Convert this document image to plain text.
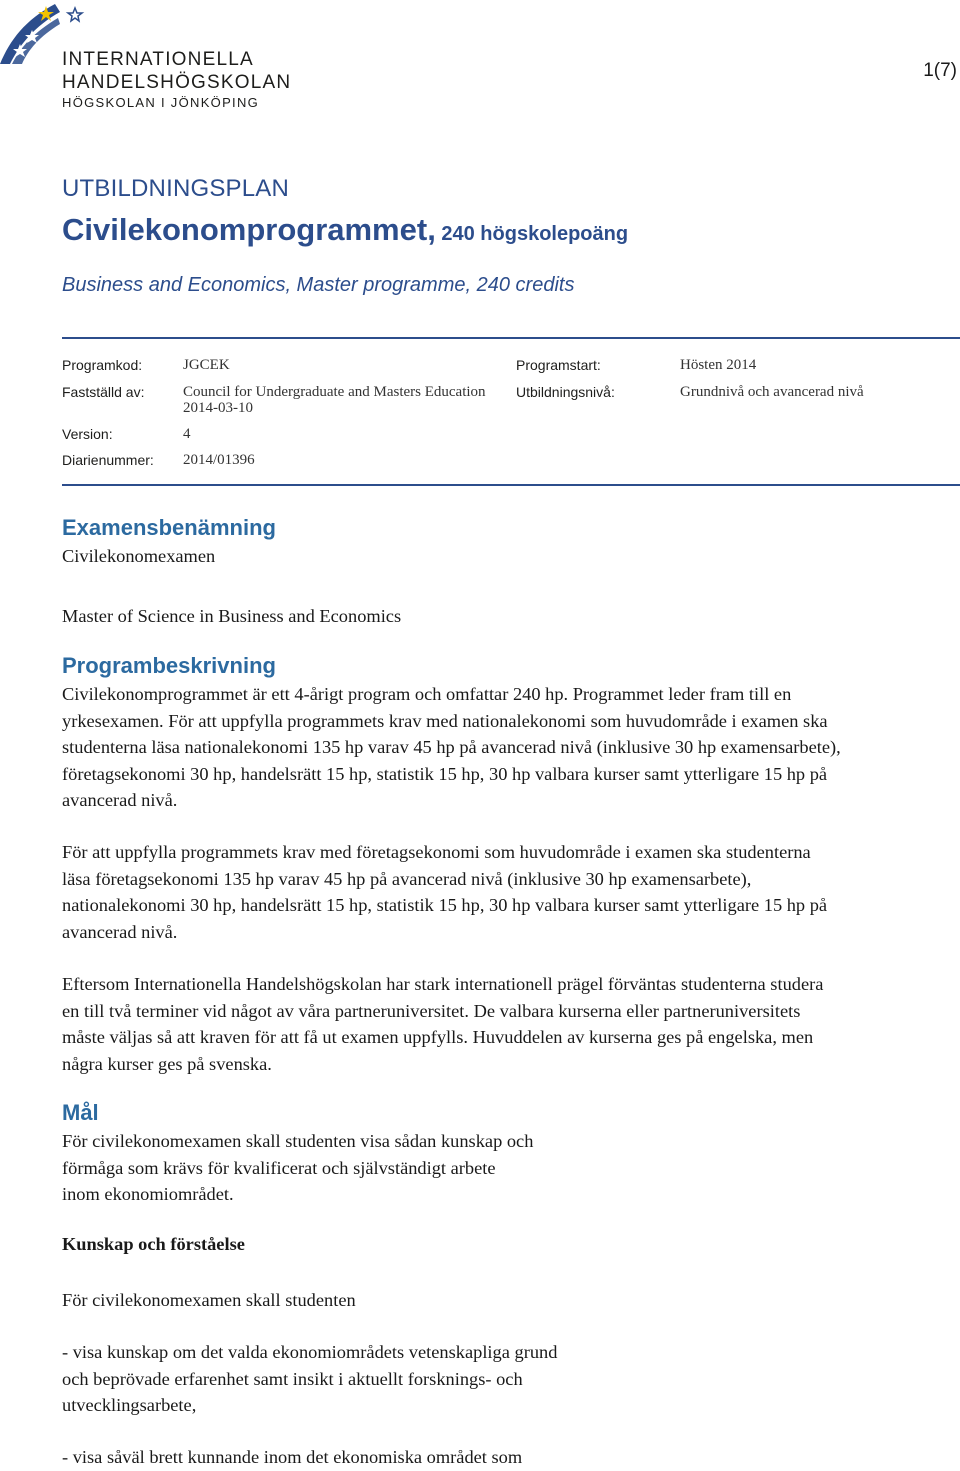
INTERNATIONELLA
HANDELSHÖGSKOLAN
HÖGSKOLAN I JÖNKÖPING
1(7)
UTBILDNINGSPLAN
Civilekonomprogrammet, 240 högskolepoäng
Business and Economics, Master programme, 240 credits
Programkod:	JGCEK
Fastställd av:	Council for Undergraduate and Masters Education
2014-03-10
Version:	4
Diarienummer: 2014/01396
Programstart:	Hösten 2014
Utbildningsnivå:	Grundnivå och avancerad nivå
Examensbenämning
Civilekonomexamen
Master of Science in Business and Economics
Programbeskrivning
Civilekonomprogrammet är ett 4-årigt program och omfattar 240 hp. Programmet leder fram till en
yrkesexamen. För att uppfylla programmets krav med nationalekonomi som huvudområde i examen ska
studenterna läsa nationalekonomi 135 hp varav 45 hp på avancerad nivå (inklusive 30 hp examensarbete),
företagsekonomi 30 hp, handelsrätt 15 hp, statistik 15 hp, 30 hp valbara kurser samt ytterligare 15 hp på
avancerad nivå.
För att uppfylla programmets krav med företagsekonomi som huvudområde i examen ska studenterna
läsa företagsekonomi 135 hp varav 45 hp på avancerad nivå (inklusive 30 hp examensarbete),
nationalekonomi 30 hp, handelsrätt 15 hp, statistik 15 hp, 30 hp valbara kurser samt ytterligare 15 hp på
avancerad nivå.
Eftersom Internationella Handelshögskolan har stark internationell prägel förväntas studenterna studera
en till två terminer vid något av våra partneruniversitet. De valbara kurserna eller partneruniversitets
måste väljas så att kraven för att få ut examen uppfylls. Huvuddelen av kurserna ges på engelska, men
några kurser ges på svenska.
Mål
För civilekonomexamen skall studenten visa sådan kunskap och
förmåga som krävs för kvalificerat och självständigt arbete
inom ekonomiområdet.
Kunskap och förståelse
För civilekonomexamen skall studenten
- visa kunskap om det valda ekonomiområdets vetenskapliga grund
och beprövade erfarenhet samt insikt i aktuellt forsknings- och
utvecklingsarbete,
- visa såväl brett kunnande inom det ekonomiska området som
